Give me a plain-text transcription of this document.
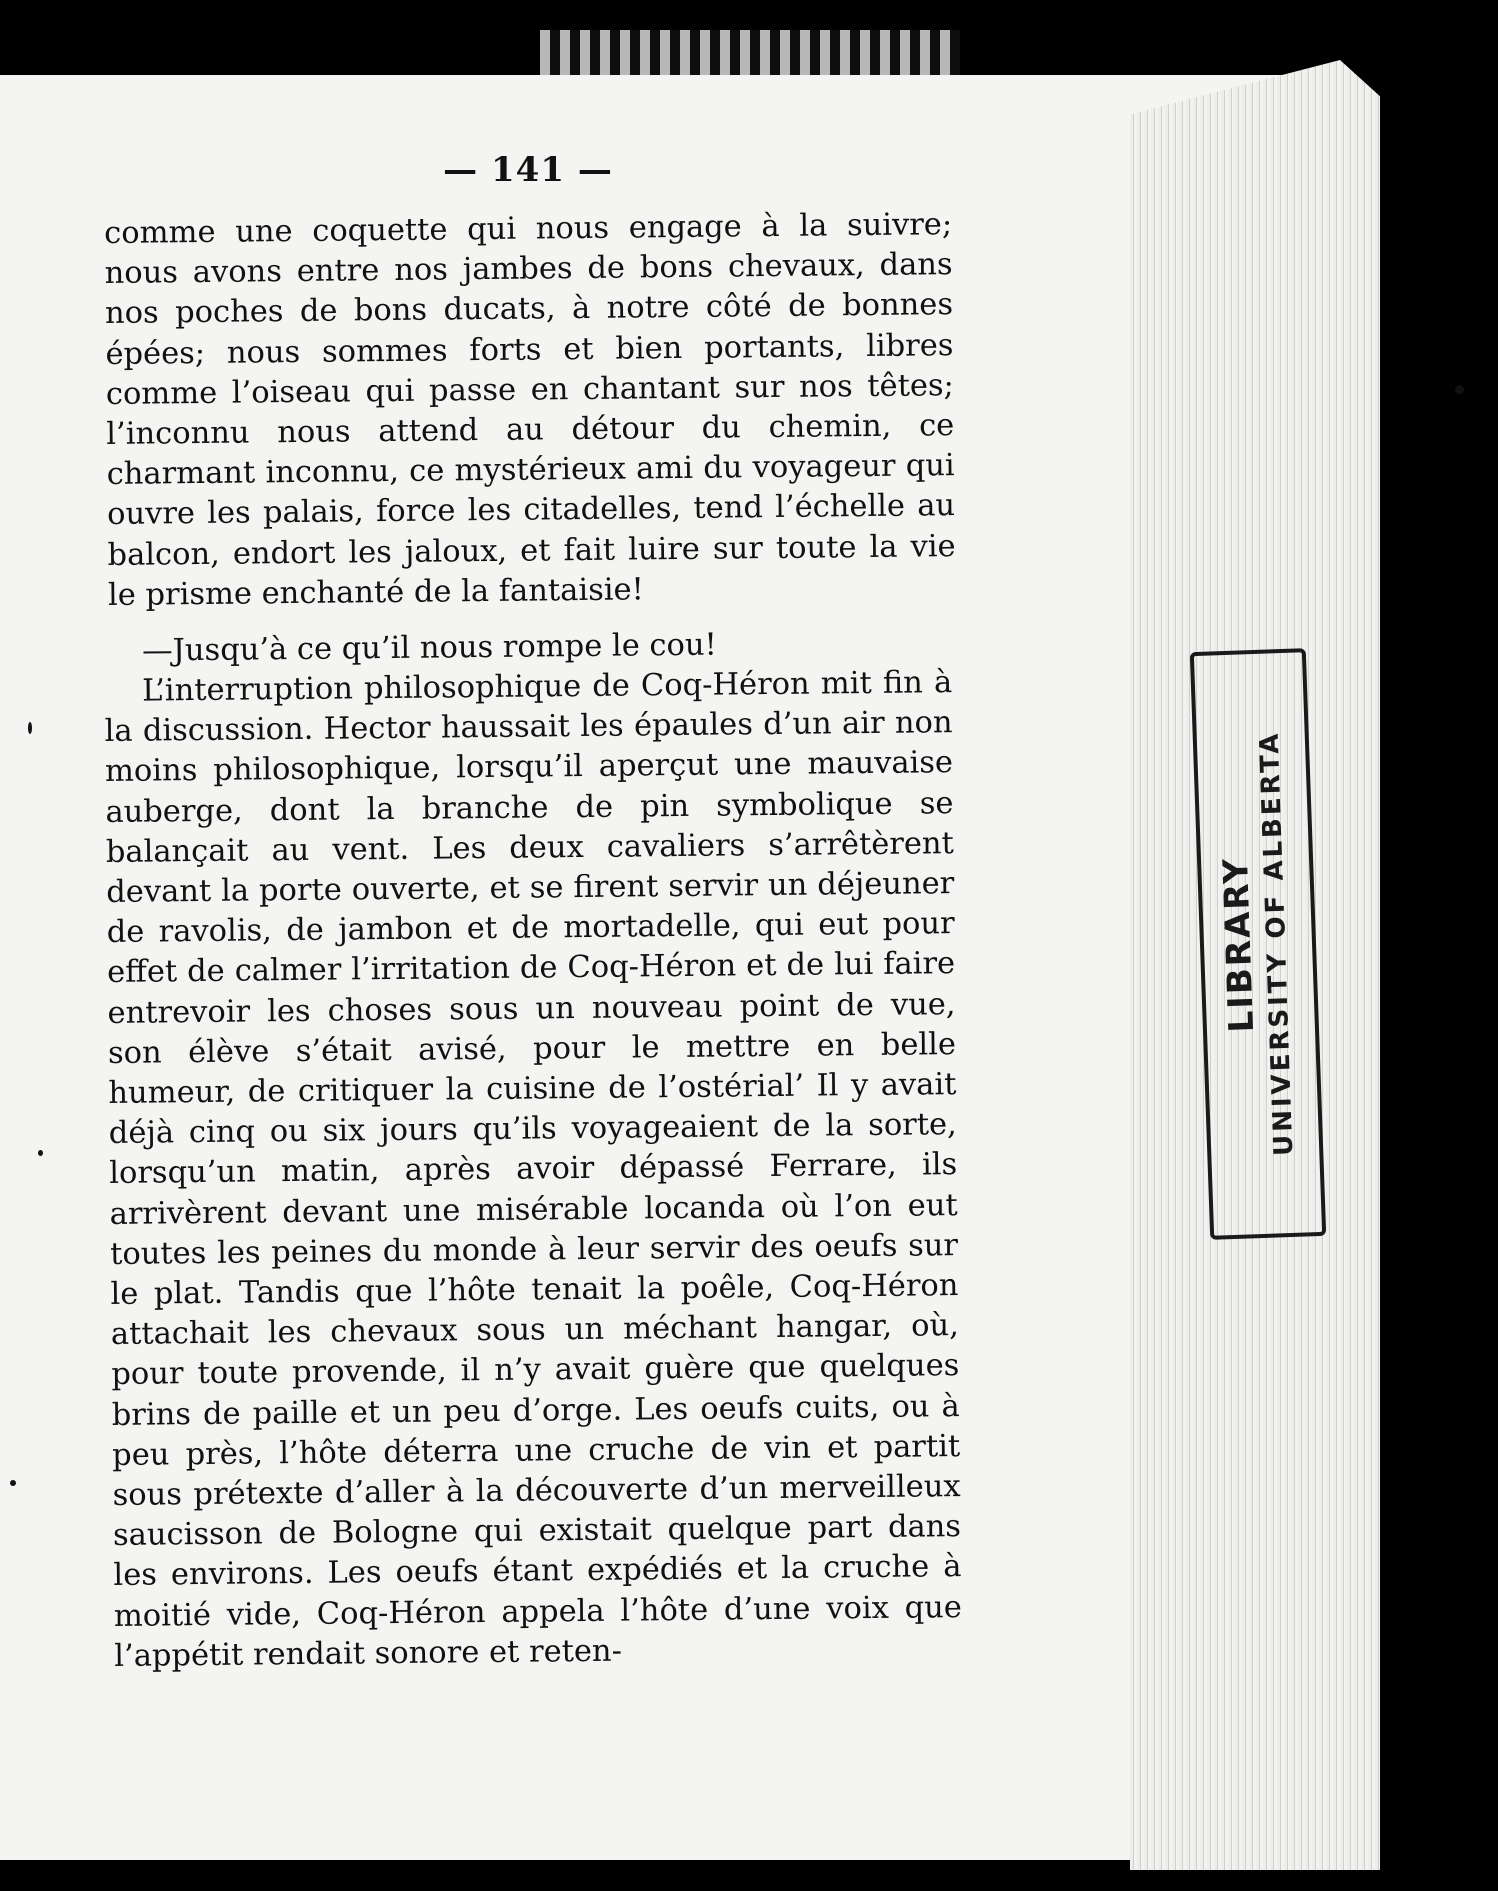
— 141 —

comme une coquette qui nous engage à la suivre; nous avons entre nos jambes de bons chevaux, dans nos poches de bons ducats, à notre côté de bonnes épées; nous sommes forts et bien portants, libres comme l’oiseau qui passe en chantant sur nos têtes; l’inconnu nous attend au détour du chemin, ce charmant inconnu, ce mystérieux ami du voyageur qui ouvre les palais, force les citadelles, tend l’échelle au balcon, endort les jaloux, et fait luire sur toute la vie le prisme enchanté de la fantaisie!

—Jusqu’à ce qu’il nous rompe le cou!

L’interruption philosophique de Coq-Héron mit fin à la discussion. Hector haussait les épaules d’un air non moins philosophique, lorsqu’il aperçut une mauvaise auberge, dont la branche de pin symbolique se balançait au vent. Les deux cavaliers s’arrêtèrent devant la porte ouverte, et se firent servir un déjeuner de ravolis, de jambon et de mortadelle, qui eut pour effet de calmer l’irritation de Coq-Héron et de lui faire entrevoir les choses sous un nouveau point de vue, son élève s’était avisé, pour le mettre en belle humeur, de critiquer la cuisine de l’ostérial’ Il y avait déjà cinq ou six jours qu’ils voyageaient de la sorte, lorsqu’un matin, après avoir dépassé Ferrare, ils arrivèrent devant une misérable locanda où l’on eut toutes les peines du monde à leur servir des oeufs sur le plat. Tandis que l’hôte tenait la poêle, Coq-Héron attachait les chevaux sous un méchant hangar, où, pour toute provende, il n’y avait guère que quelques brins de paille et un peu d’orge. Les oeufs cuits, ou à peu près, l’hôte déterra une cruche de vin et partit sous prétexte d’aller à la découverte d’un merveilleux saucisson de Bologne qui existait quelque part dans les environs. Les oeufs étant expédiés et la cruche à moitié vide, Coq-Héron appela l’hôte d’une voix que l’appétit rendait sonore et reten-

LIBRARY
UNIVERSITY OF ALBERTA
